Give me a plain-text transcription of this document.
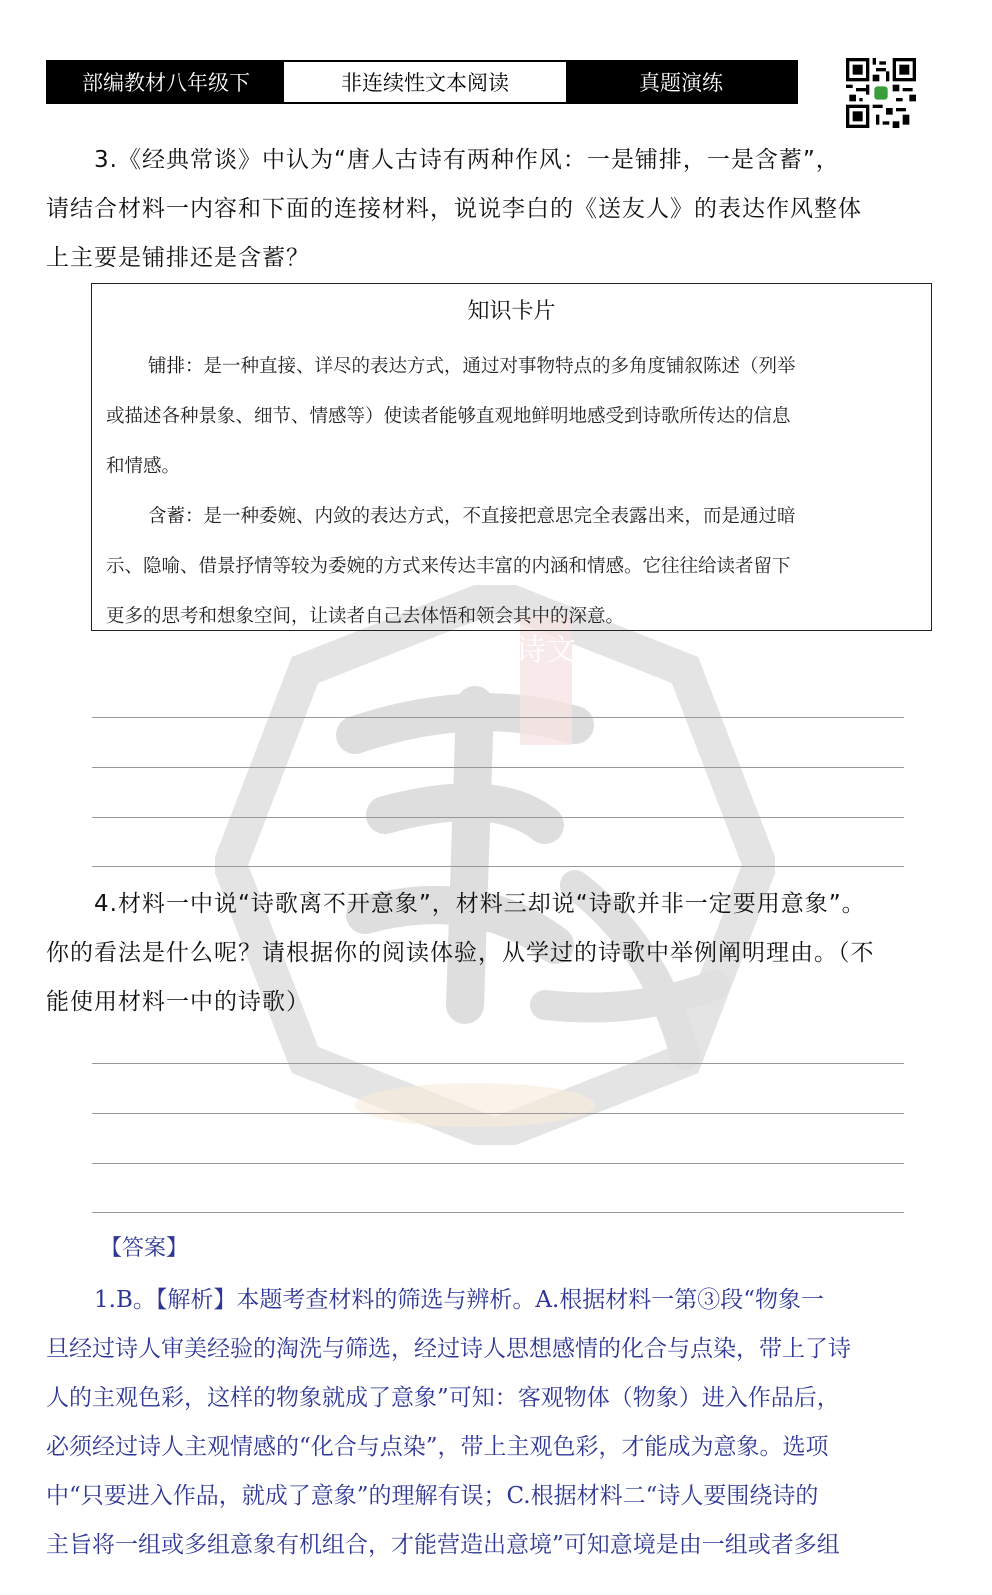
诗文
部编教材八年级下	非连续性文本阅读	真题演练
3.《经典常谈》中认为“唐人古诗有两种作风：一是铺排，一是含蓄”，
请结合材料一内容和下面的连接材料，说说李白的《送友人》的表达作风整体
上主要是铺排还是含蓄？
知识卡片
铺排：是一种直接、详尽的表达方式，通过对事物特点的多角度铺叙陈述（列举
或描述各种景象、细节、情感等）使读者能够直观地鲜明地感受到诗歌所传达的信息
和情感。
含蓄：是一种委婉、内敛的表达方式，不直接把意思完全表露出来，而是通过暗
示、隐喻、借景抒情等较为委婉的方式来传达丰富的内涵和情感。它往往给读者留下
更多的思考和想象空间，让读者自己去体悟和领会其中的深意。
4.材料一中说“诗歌离不开意象”，材料三却说“诗歌并非一定要用意象”。
你的看法是什么呢？请根据你的阅读体验，从学过的诗歌中举例阐明理由。（不
能使用材料一中的诗歌）
【答案】
1.B。【解析】本题考查材料的筛选与辨析。A.根据材料一第③段“物象一
旦经过诗人审美经验的淘洗与筛选，经过诗人思想感情的化合与点染，带上了诗
人的主观色彩，这样的物象就成了意象”可知：客观物体（物象）进入作品后，
必须经过诗人主观情感的“化合与点染”，带上主观色彩，才能成为意象。选项
中“只要进入作品，就成了意象”的理解有误；C.根据材料二“诗人要围绕诗的
主旨将一组或多组意象有机组合，才能营造出意境”可知意境是由一组或者多组
